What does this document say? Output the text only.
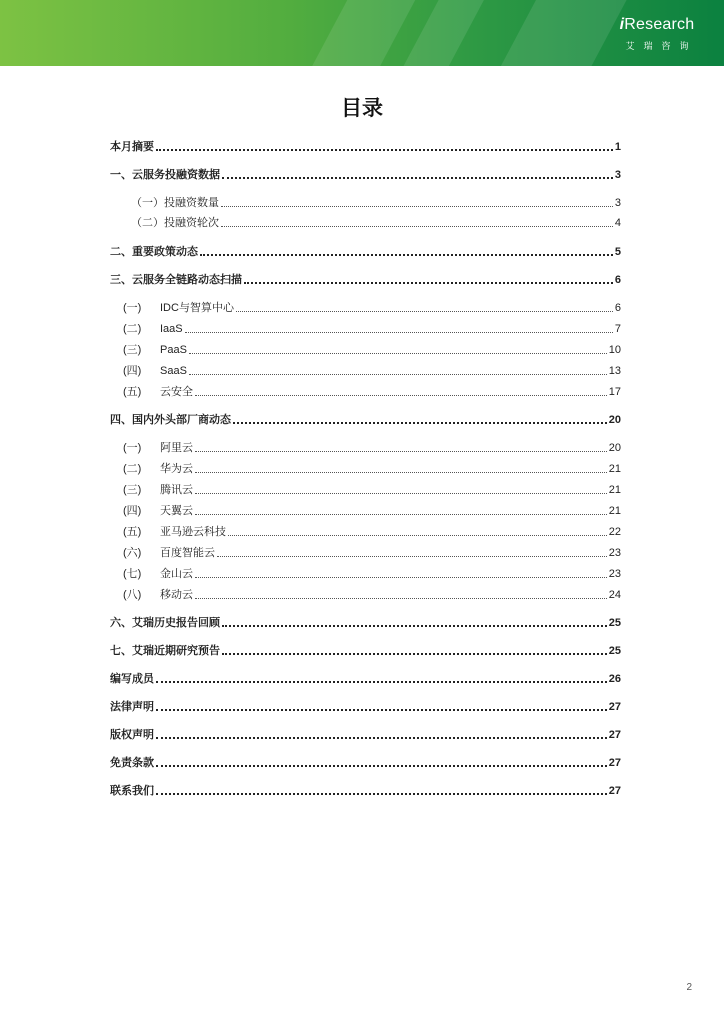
iResearch
艾瑞咨询
目录
本月摘要	1
一、云服务投融资数据	3
（一）投融资数量	3
（二）投融资轮次	4
二、重要政策动态	5
三、云服务全链路动态扫描	6
(一)	IDC与智算中心	6
(二)	IaaS	7
(三)	PaaS	10
(四)	SaaS	13
(五)	云安全	17
四、国内外头部厂商动态	20
(一)	阿里云	20
(二)	华为云	21
(三)	腾讯云	21
(四)	天翼云	21
(五)	亚马逊云科技	22
(六)	百度智能云	23
(七)	金山云	23
(八)	移动云	24
六、艾瑞历史报告回顾	25
七、艾瑞近期研究预告	25
编写成员	26
法律声明	27
版权声明	27
免责条款	27
联系我们	27
2
